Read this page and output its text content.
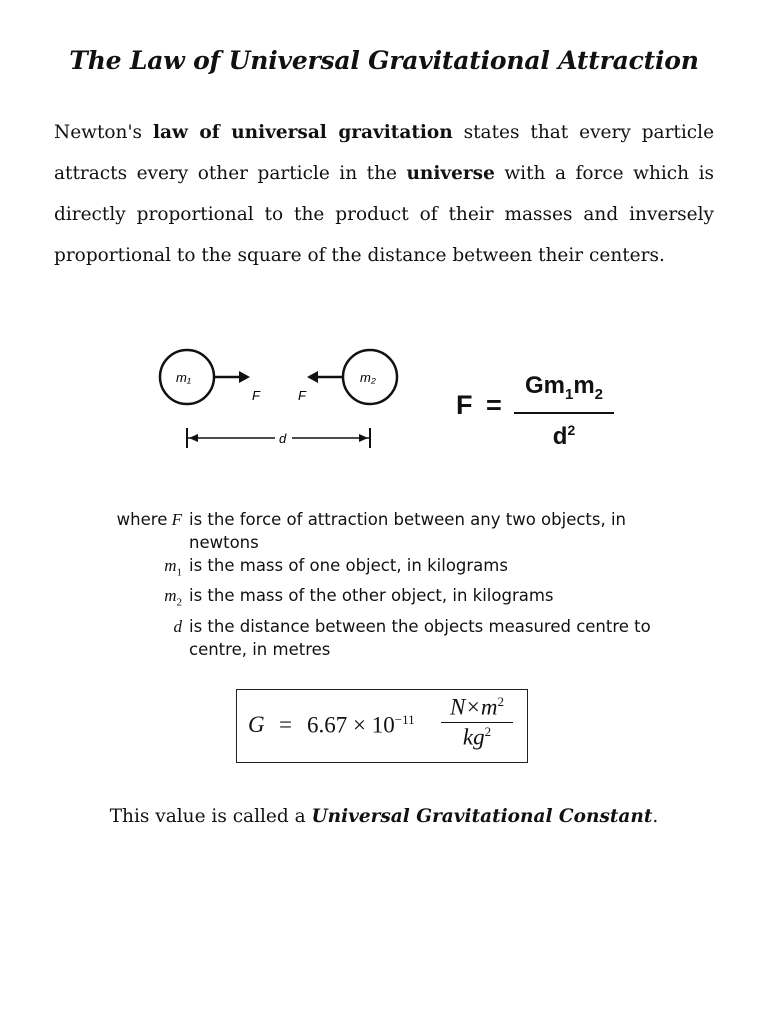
The Law of Universal Gravitational Attraction
Newton's law of universal gravitation states that every particle attracts every other particle in the universe with a force which is directly proportional to the product of their masses and inversely proportional to the square of the distance between their centers.
m₁
F
m₂
F
d
F =
$Gm_1m_2$
$d^2$
where F is the force of attraction between any two objects, in newtons
$m_1$ is the mass of one object, in kilograms
$m_2$ is the mass of the other object, in kilograms
d is the distance between the objects measured centre to centre, in metres
$G = 6.67 \times 10^{-11}$	$N\times m^2$
$kg^2$
This value is called a Universal Gravitational Constant.
